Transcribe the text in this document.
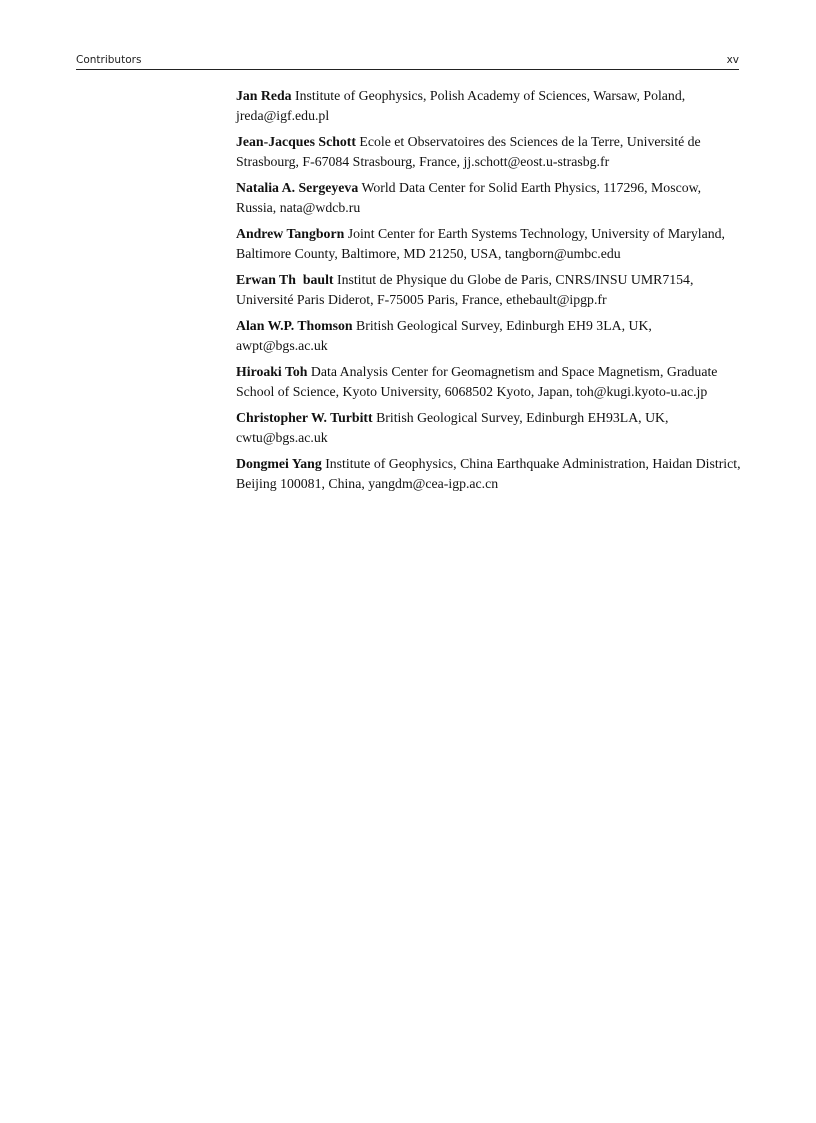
Contributors	xv

Jan Reda Institute of Geophysics, Polish Academy of Sciences, Warsaw, Poland, jreda@igf.edu.pl

Jean-Jacques Schott Ecole et Observatoires des Sciences de la Terre, Université de Strasbourg, F-67084 Strasbourg, France, jj.schott@eost.u-strasbg.fr

Natalia A. Sergeyeva World Data Center for Solid Earth Physics, 117296, Moscow, Russia, nata@wdcb.ru

Andrew Tangborn Joint Center for Earth Systems Technology, University of Maryland, Baltimore County, Baltimore, MD 21250, USA, tangborn@umbc.edu

Erwan Th  bault Institut de Physique du Globe de Paris, CNRS/INSU UMR7154, Université Paris Diderot, F-75005 Paris, France, ethebault@ipgp.fr

Alan W.P. Thomson British Geological Survey, Edinburgh EH9 3LA, UK, awpt@bgs.ac.uk

Hiroaki Toh Data Analysis Center for Geomagnetism and Space Magnetism, Graduate School of Science, Kyoto University, 6068502 Kyoto, Japan, toh@kugi.kyoto-u.ac.jp

Christopher W. Turbitt British Geological Survey, Edinburgh EH93LA, UK, cwtu@bgs.ac.uk

Dongmei Yang Institute of Geophysics, China Earthquake Administration, Haidan District, Beijing 100081, China, yangdm@cea-igp.ac.cn
